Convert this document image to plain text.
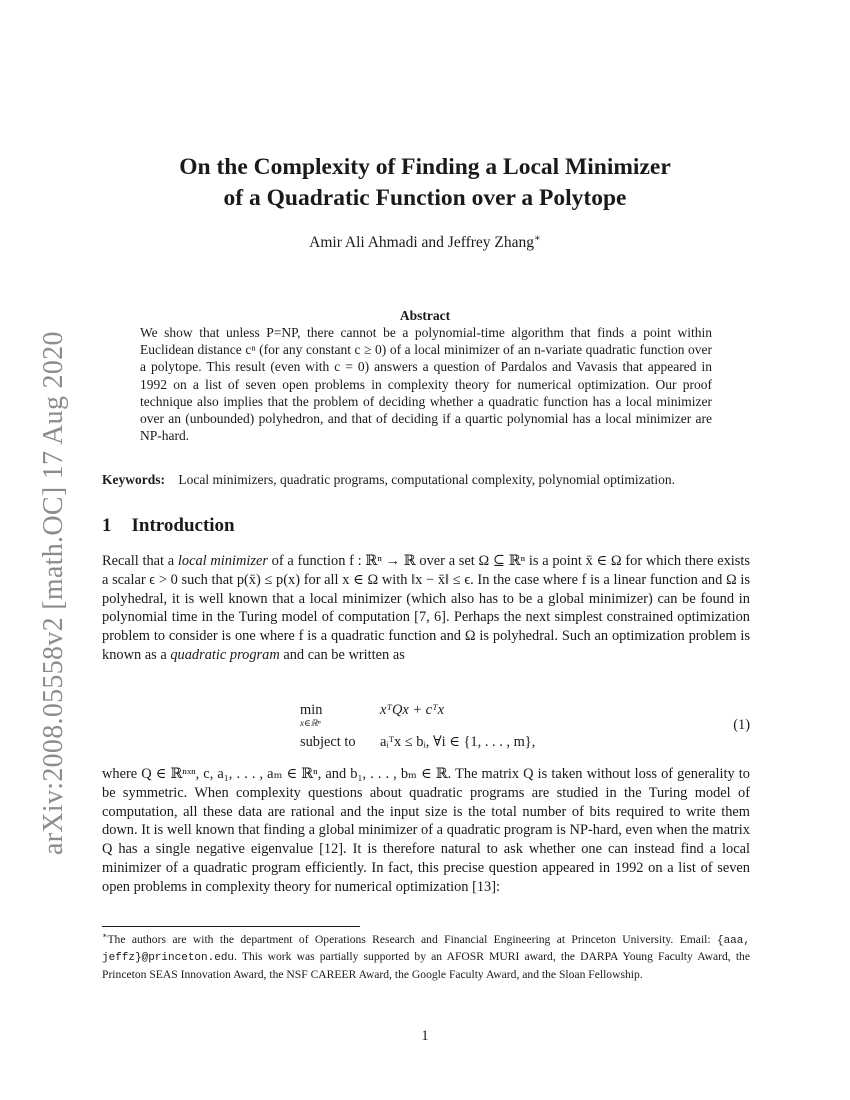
arXiv:2008.05558v2 [math.OC] 17 Aug 2020
On the Complexity of Finding a Local Minimizer
of a Quadratic Function over a Polytope
Amir Ali Ahmadi and Jeffrey Zhang∗
Abstract
We show that unless P=NP, there cannot be a polynomial-time algorithm that finds a point within Euclidean distance cⁿ (for any constant c ≥ 0) of a local minimizer of an n-variate quadratic function over a polytope. This result (even with c = 0) answers a question of Pardalos and Vavasis that appeared in 1992 on a list of seven open problems in complexity theory for numerical optimization. Our proof technique also implies that the problem of deciding whether a quadratic function has a local minimizer over an (unbounded) polyhedron, and that of deciding if a quartic polynomial has a local minimizer are NP-hard.
Keywords: Local minimizers, quadratic programs, computational complexity, polynomial optimization.
1 Introduction
Recall that a local minimizer of a function f : ℝⁿ → ℝ over a set Ω ⊆ ℝⁿ is a point x̄ ∈ Ω for which there exists a scalar ϵ > 0 such that p(x̄) ≤ p(x) for all x ∈ Ω with ‖x − x̄‖ ≤ ϵ. In the case where f is a linear function and Ω is polyhedral, it is well known that a local minimizer (which also has to be a global minimizer) can be found in polynomial time in the Turing model of computation [7, 6]. Perhaps the next simplest constrained optimization problem to consider is one where f is a quadratic function and Ω is polyhedral. Such an optimization problem is known as a quadratic program and can be written as
min
x∈ℝⁿ
xᵀQx + cᵀx
subject to aᵢᵀx ≤ bᵢ, ∀i ∈ {1, . . . , m},
(1)
where Q ∈ ℝⁿˣⁿ, c, a₁, . . . , aₘ ∈ ℝⁿ, and b₁, . . . , bₘ ∈ ℝ. The matrix Q is taken without loss of generality to be symmetric. When complexity questions about quadratic programs are studied in the Turing model of computation, all these data are rational and the input size is the total number of bits required to write them down. It is well known that finding a global minimizer of a quadratic program is NP-hard, even when the matrix Q has a single negative eigenvalue [12]. It is therefore natural to ask whether one can instead find a local minimizer of a quadratic program efficiently. In fact, this precise question appeared in 1992 on a list of seven open problems in complexity theory for numerical optimization [13]:
∗The authors are with the department of Operations Research and Financial Engineering at Princeton University. Email: {aaa, jeffz}@princeton.edu. This work was partially supported by an AFOSR MURI award, the DARPA Young Faculty Award, the Princeton SEAS Innovation Award, the NSF CAREER Award, the Google Faculty Award, and the Sloan Fellowship.
1
